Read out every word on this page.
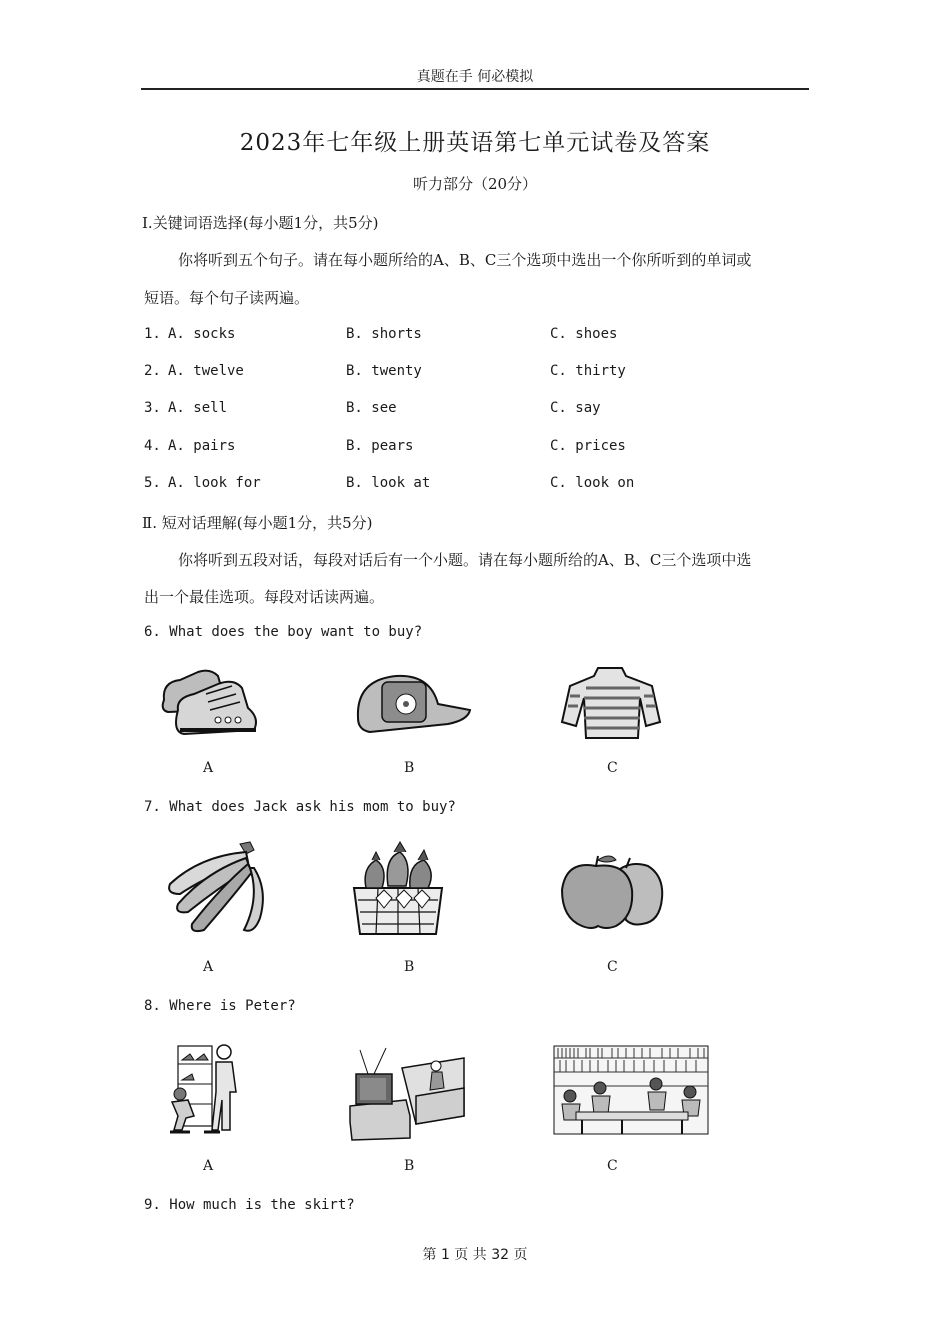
真题在手 何必模拟
2023年七年级上册英语第七单元试卷及答案
听力部分（20分）
Ⅰ.关键词语选择(每小题1分，共5分)
你将听到五个句子。请在每小题所给的A、B、C三个选项中选出一个你所听到的单词或
短语。每个句子读两遍。
1. A. socks	B. shorts	C. shoes
2. A. twelve	B. twenty	C. thirty
3. A. sell	B. see	C. say
4. A. pairs	B. pears	C. prices
5. A. look for	B. look at	C. look on
Ⅱ. 短对话理解(每小题1分，共5分)
你将听到五段对话，每段对话后有一个小题。请在每小题所给的A、B、C三个选项中选
出一个最佳选项。每段对话读两遍。
6. What does the boy want to buy?
A	B	C
7. What does Jack ask his mom to buy?
A	B	C
8. Where is Peter?
A	B	C
9. How much is the skirt?
第 1 页 共 32 页
